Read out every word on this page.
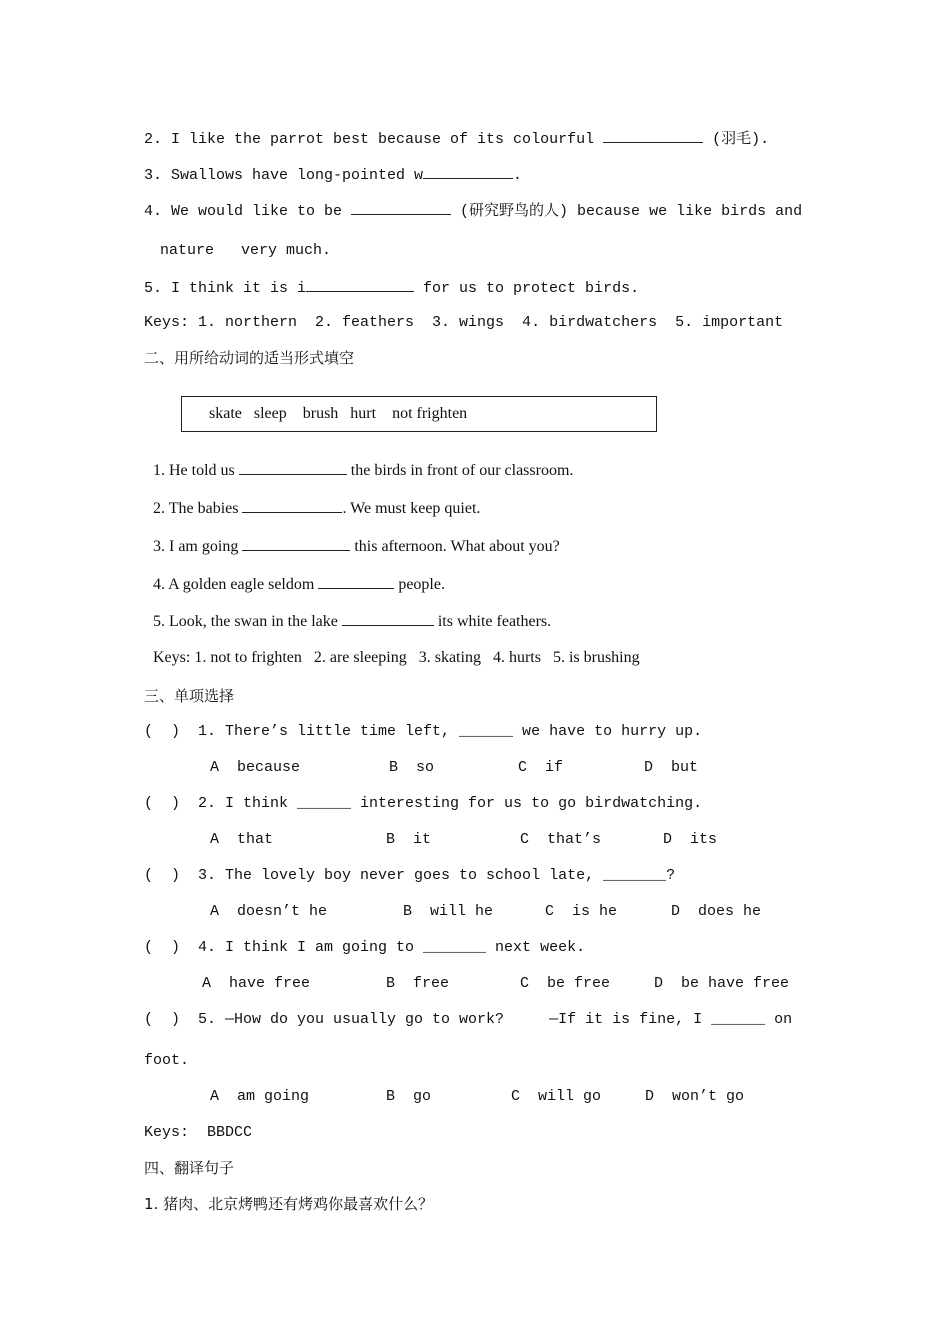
2. I like the parrot best because of its colourful	(羽毛).
3. Swallows have long-pointed w	.
4. We would like to be	(研究野鸟的人) because we like birds and
nature   very much.
5. I think it is i	for us to protect birds.
Keys: 1. northern  2. feathers  3. wings  4. birdwatchers  5. important
二、用所给动词的适当形式填空
skate   sleep    brush   hurt    not frighten
1. He told us	the birds in front of our classroom.
2. The babies	. We must keep quiet.
3. I am going	this afternoon. What about you?
4. A golden eagle seldom	people.
5. Look, the swan in the lake	its white feathers.
Keys: 1. not to frighten   2. are sleeping   3. skating   4. hurts   5. is brushing
三、单项选择
(  )  1. There’s little time left, ______ we have to hurry up.
A  because	B  so	C  if	D  but
(  )  2. I think ______ interesting for us to go birdwatching.
A  that	B  it	C  that’s	D  its
(  )  3. The lovely boy never goes to school late, _______?
A  doesn’t he	B  will he	C  is he	D  does he
(  )  4. I think I am going to _______ next week.
A  have free	B  free	C  be free	D  be have free
(  )  5. —How do you usually go to work?     —If it is fine, I ______ on
foot.
A  am going	B  go	C  will go	D  won’t go
Keys:  BBDCC
四、翻译句子
1. 猪肉、北京烤鸭还有烤鸡你最喜欢什么？
